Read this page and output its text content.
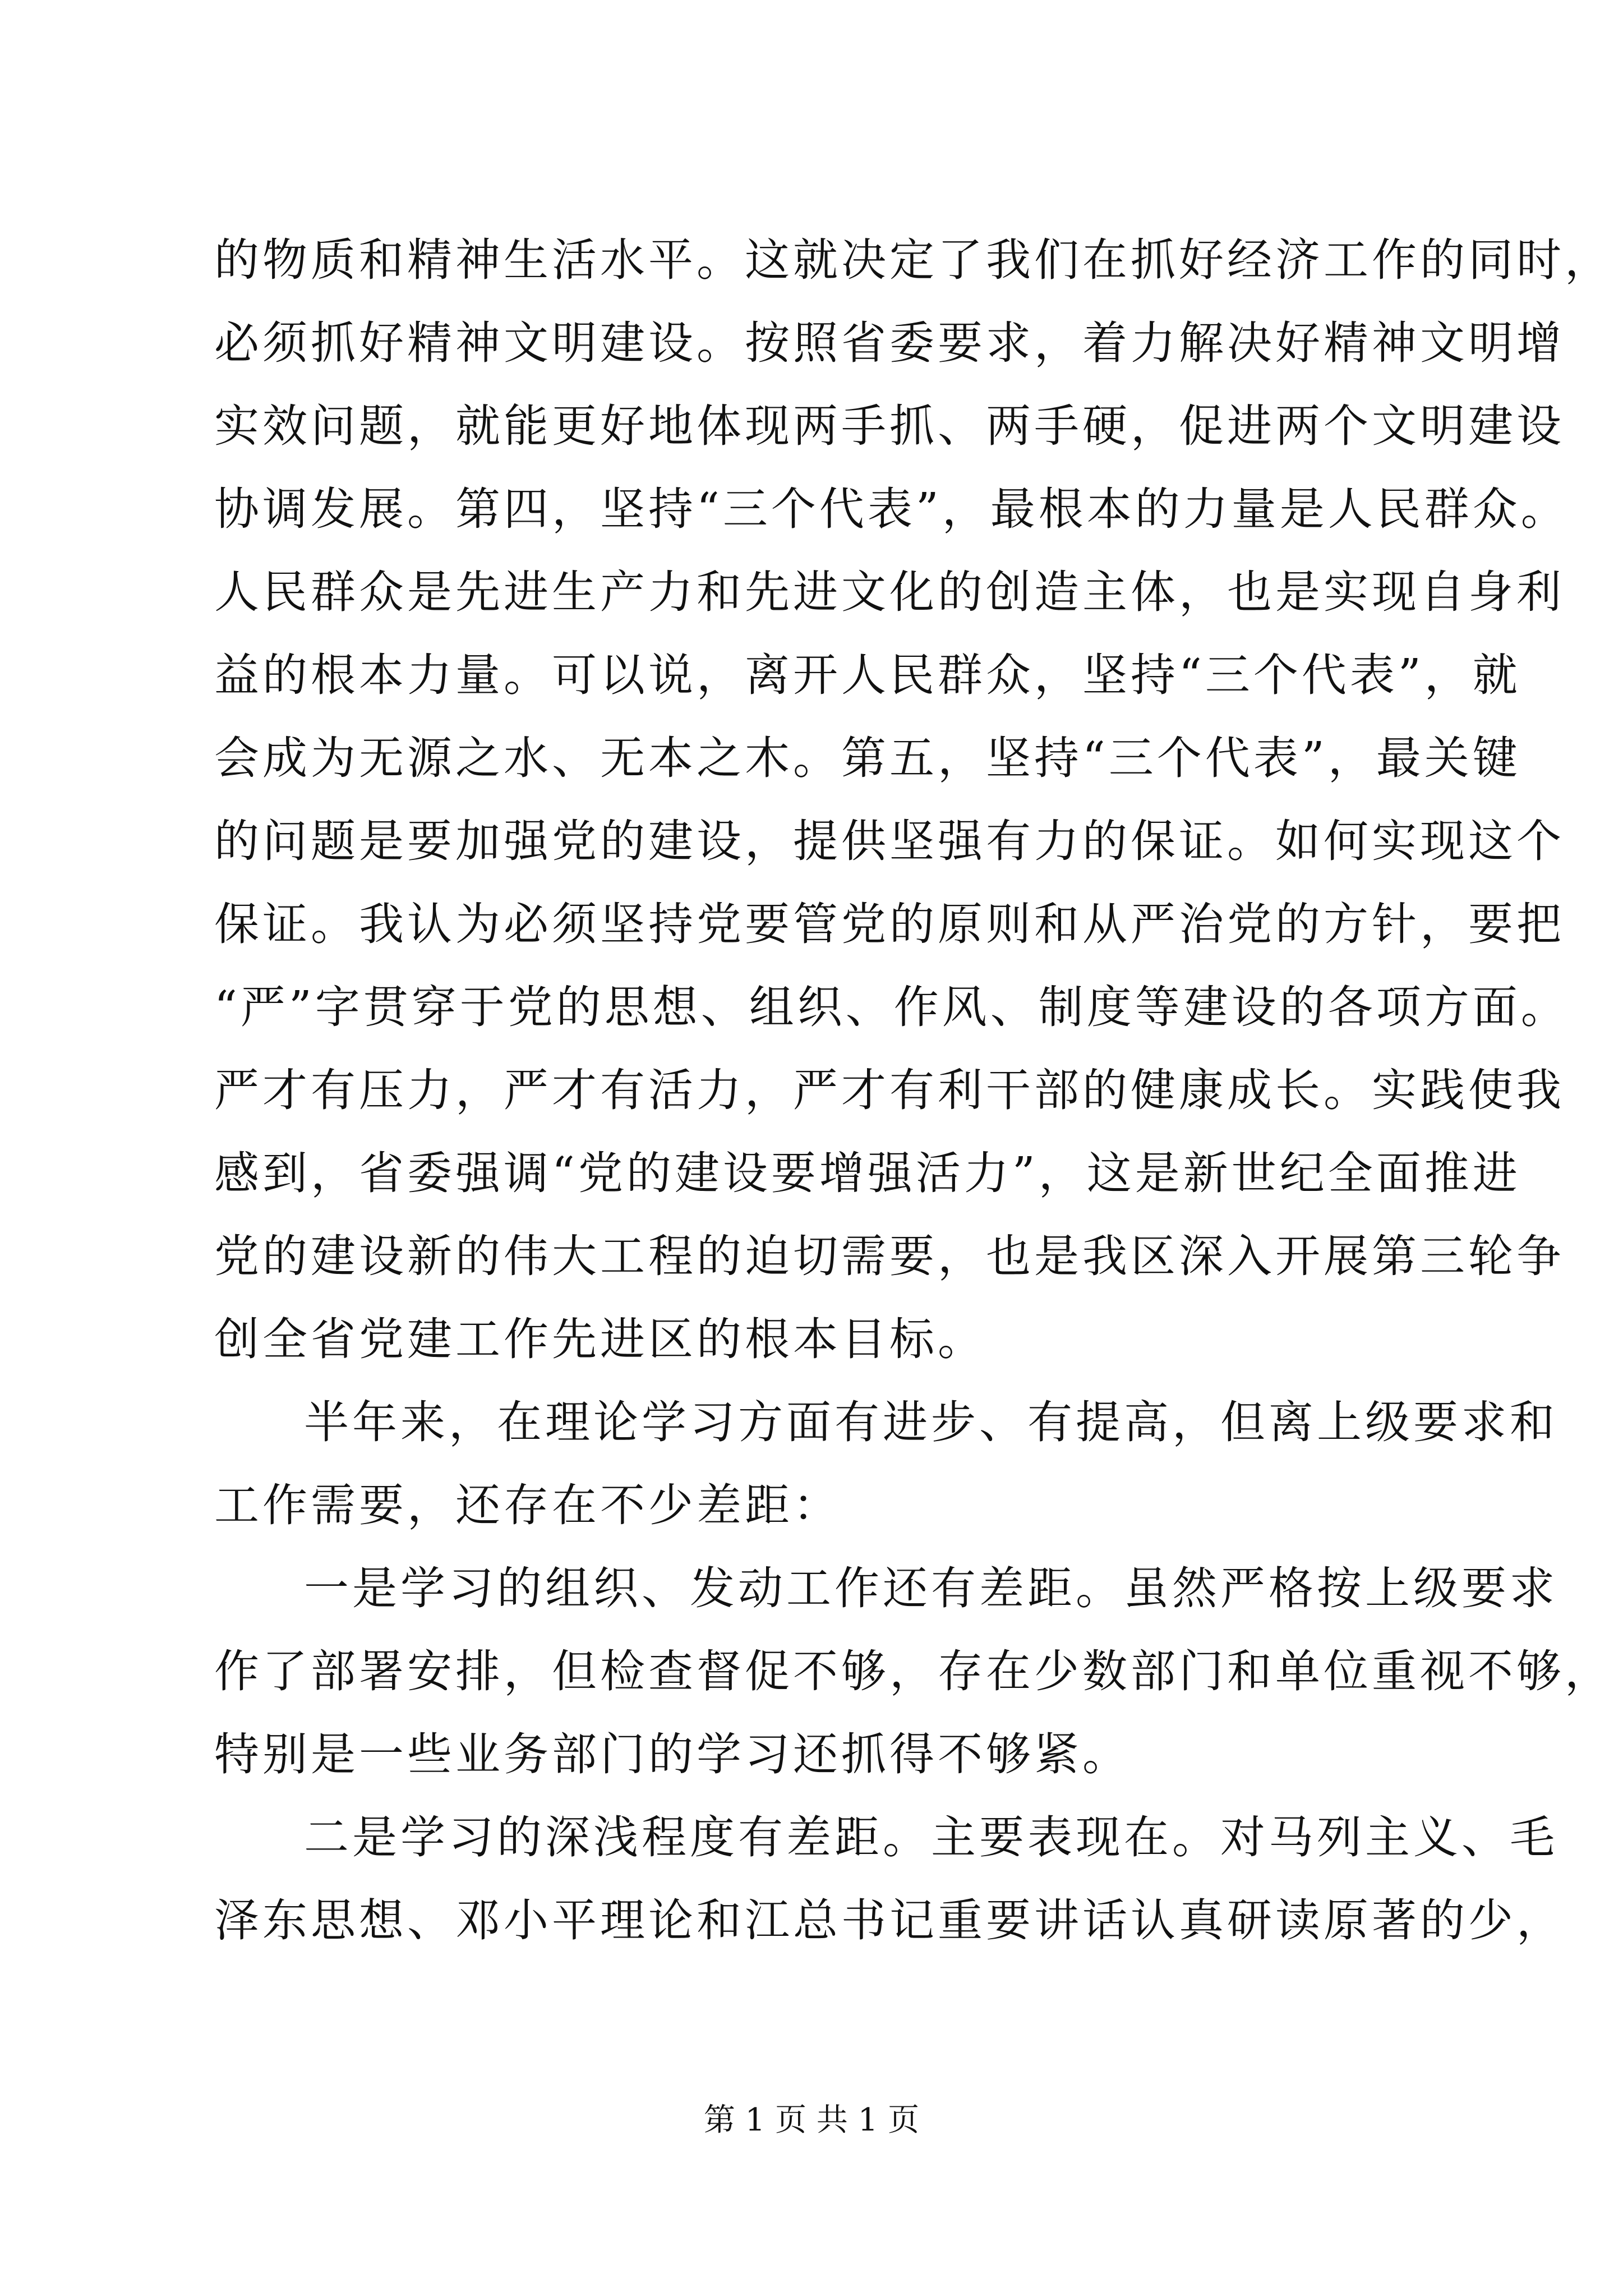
的物质和精神生活水平。这就决定了我们在抓好经济工作的同时，
必须抓好精神文明建设。按照省委要求，着力解决好精神文明增
实效问题，就能更好地体现两手抓、两手硬，促进两个文明建设
协调发展。第四，坚持“三个代表”，最根本的力量是人民群众。
人民群众是先进生产力和先进文化的创造主体，也是实现自身利
益的根本力量。可以说，离开人民群众，坚持“三个代表”，就
会成为无源之水、无本之木。第五，坚持“三个代表”，最关键
的问题是要加强党的建设，提供坚强有力的保证。如何实现这个
保证。我认为必须坚持党要管党的原则和从严治党的方针，要把
“严”字贯穿于党的思想、组织、作风、制度等建设的各项方面。
严才有压力，严才有活力，严才有利干部的健康成长。实践使我
感到，省委强调“党的建设要增强活力”，这是新世纪全面推进
党的建设新的伟大工程的迫切需要，也是我区深入开展第三轮争
创全省党建工作先进区的根本目标。
半年来，在理论学习方面有进步、有提高，但离上级要求和
工作需要，还存在不少差距：
一是学习的组织、发动工作还有差距。虽然严格按上级要求
作了部署安排，但检查督促不够，存在少数部门和单位重视不够，
特别是一些业务部门的学习还抓得不够紧。
二是学习的深浅程度有差距。主要表现在。对马列主义、毛
泽东思想、邓小平理论和江总书记重要讲话认真研读原著的少，
第 1 页 共 1 页
